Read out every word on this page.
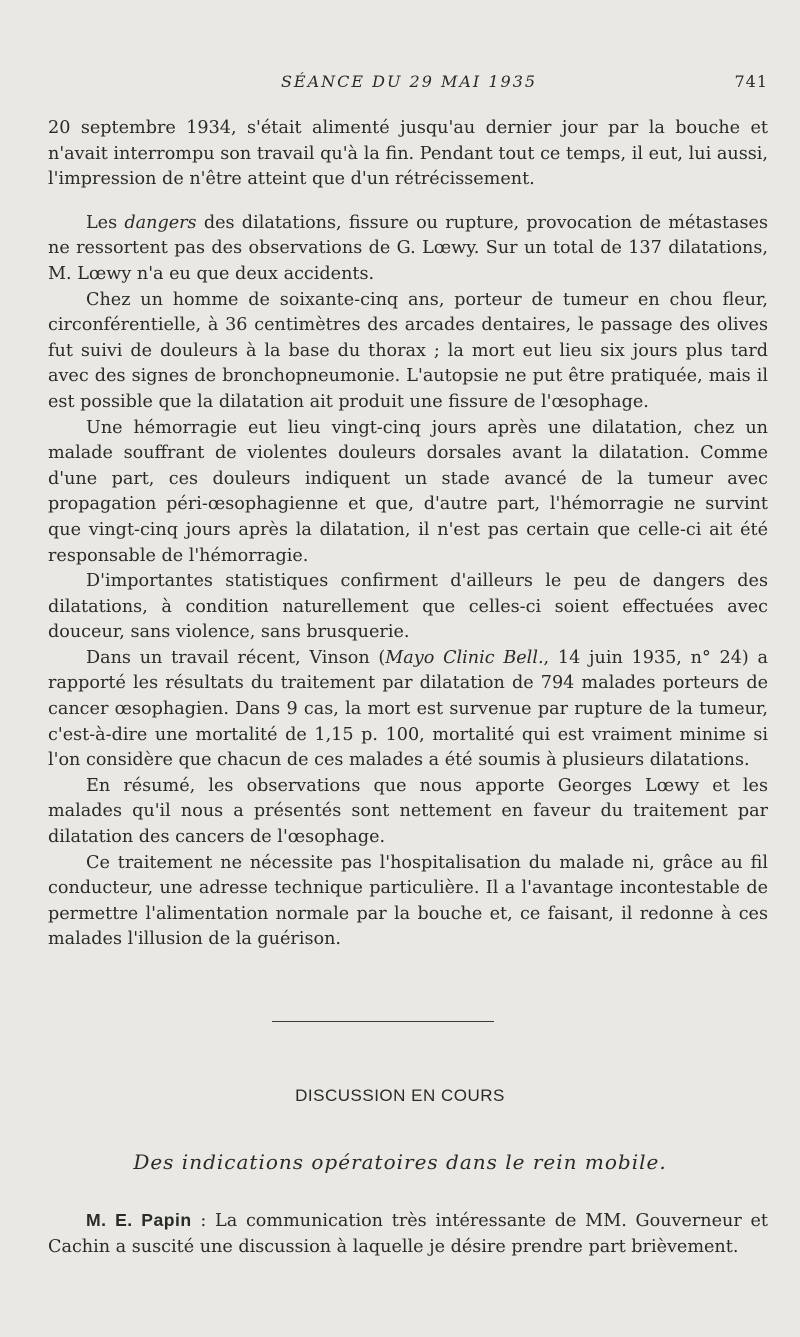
SÉANCE DU 29 MAI 1935	741

20 septembre 1934, s'était alimenté jusqu'au dernier jour par la bouche et n'avait interrompu son travail qu'à la fin. Pendant tout ce temps, il eut, lui aussi, l'impression de n'être atteint que d'un rétrécissement.

Les dangers des dilatations, fissure ou rupture, provocation de métastases ne ressortent pas des observations de G. Lœwy. Sur un total de 137 dilatations, M. Lœwy n'a eu que deux accidents.

Chez un homme de soixante-cinq ans, porteur de tumeur en chou fleur, circonférentielle, à 36 centimètres des arcades dentaires, le passage des olives fut suivi de douleurs à la base du thorax ; la mort eut lieu six jours plus tard avec des signes de bronchopneumonie. L'autopsie ne put être pratiquée, mais il est possible que la dilatation ait produit une fissure de l'œsophage.

Une hémorragie eut lieu vingt-cinq jours après une dilatation, chez un malade souffrant de violentes douleurs dorsales avant la dilatation. Comme d'une part, ces douleurs indiquent un stade avancé de la tumeur avec propagation péri-œsophagienne et que, d'autre part, l'hémorragie ne survint que vingt-cinq jours après la dilatation, il n'est pas certain que celle-ci ait été responsable de l'hémorragie.

D'importantes statistiques confirment d'ailleurs le peu de dangers des dilatations, à condition naturellement que celles-ci soient effectuées avec douceur, sans violence, sans brusquerie.

Dans un travail récent, Vinson (Mayo Clinic Bell., 14 juin 1935, n° 24) a rapporté les résultats du traitement par dilatation de 794 malades porteurs de cancer œsophagien. Dans 9 cas, la mort est survenue par rupture de la tumeur, c'est-à-dire une mortalité de 1,15 p. 100, mortalité qui est vraiment minime si l'on considère que chacun de ces malades a été soumis à plusieurs dilatations.

En résumé, les observations que nous apporte Georges Lœwy et les malades qu'il nous a présentés sont nettement en faveur du traitement par dilatation des cancers de l'œsophage.

Ce traitement ne nécessite pas l'hospitalisation du malade ni, grâce au fil conducteur, une adresse technique particulière. Il a l'avantage incontestable de permettre l'alimentation normale par la bouche et, ce faisant, il redonne à ces malades l'illusion de la guérison.

DISCUSSION EN COURS
Des indications opératoires dans le rein mobile.

M. E. Papin : La communication très intéressante de MM. Gouverneur et Cachin a suscité une discussion à laquelle je désire prendre part brièvement.
